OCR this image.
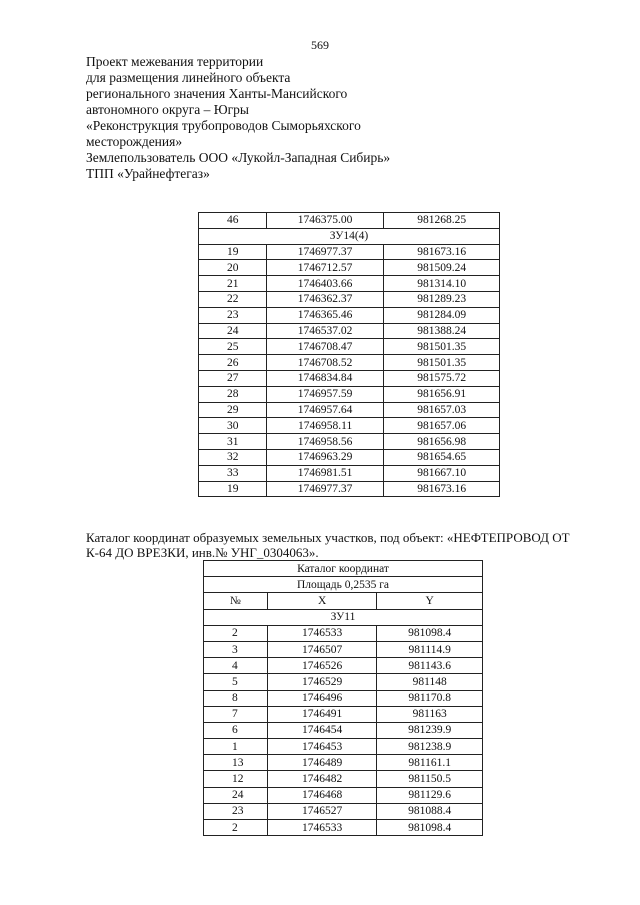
569
Проект межевания территории
для размещения линейного объекта
регионального значения Ханты-Мансийского
автономного округа – Югры
«Реконструкция трубопроводов Сыморьяхского
месторождения»
Землепользователь ООО «Лукойл-Западная Сибирь»
ТПП «Урайнефтегаз»
46	1746375.00	981268.25
ЗУ14(4)		
19	1746977.37	981673.16
20	1746712.57	981509.24
21	1746403.66	981314.10
22	1746362.37	981289.23
23	1746365.46	981284.09
24	1746537.02	981388.24
25	1746708.47	981501.35
26	1746708.52	981501.35
27	1746834.84	981575.72
28	1746957.59	981656.91
29	1746957.64	981657.03
30	1746958.11	981657.06
31	1746958.56	981656.98
32	1746963.29	981654.65
33	1746981.51	981667.10
19	1746977.37	981673.16
Каталог координат образуемых земельных участков, под объект: «НЕФТЕПРОВОД ОТ К-64 ДО ВРЕЗКИ, инв.№ УНГ_0304063».
Каталог координат		
Площадь 0,2535 га		
№	X	Y
ЗУ11		
2	1746533	981098.4
3	1746507	981114.9
4	1746526	981143.6
5	1746529	981148
8	1746496	981170.8
7	1746491	981163
6	1746454	981239.9
1	1746453	981238.9
13	1746489	981161.1
12	1746482	981150.5
24	1746468	981129.6
23	1746527	981088.4
2	1746533	981098.4
